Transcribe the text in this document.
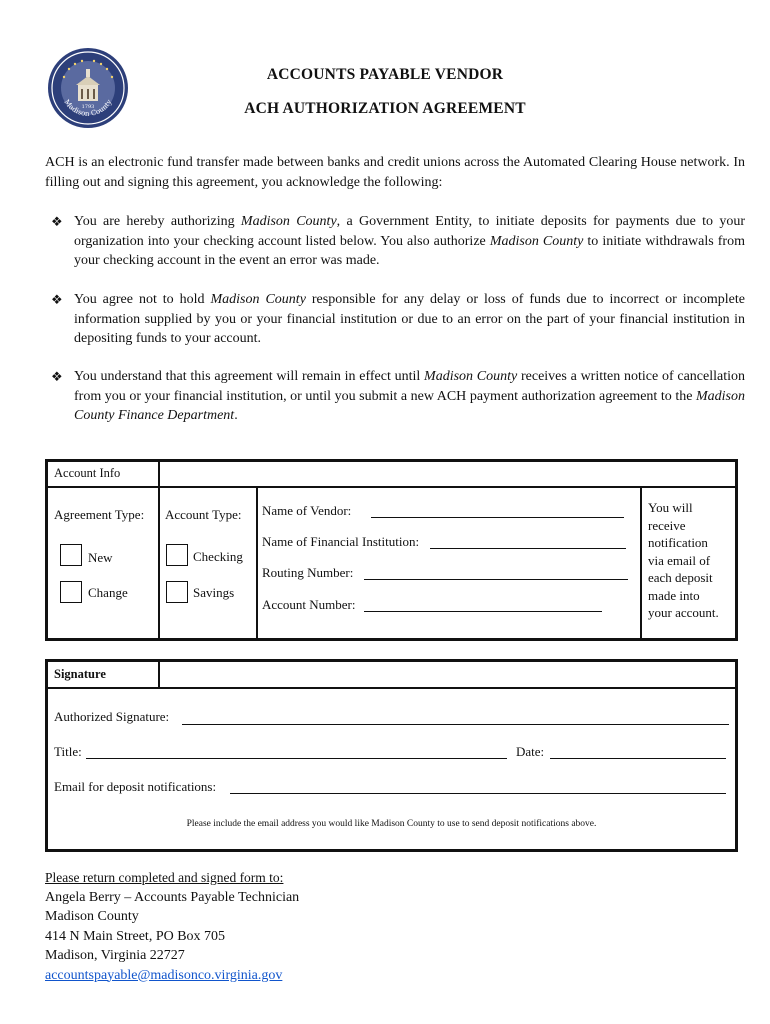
1793
Madison County
ACCOUNTS PAYABLE VENDOR
ACH AUTHORIZATION AGREEMENT
ACH is an electronic fund transfer made between banks and credit unions across the Automated Clearing House network. In filling out and signing this agreement, you acknowledge the following:
❖ You are hereby authorizing Madison County, a Government Entity, to initiate deposits for payments due to your organization into your checking account listed below. You also authorize Madison County to initiate withdrawals from your checking account in the event an error was made.
❖ You agree not to hold Madison County responsible for any delay or loss of funds due to incorrect or incomplete information supplied by you or your financial institution or due to an error on the part of your financial institution in depositing funds to your account.
❖ You understand that this agreement will remain in effect until Madison County receives a written notice of cancellation from you or your financial institution, or until you submit a new ACH payment authorization agreement to the Madison County Finance Department.
Account Info
Agreement Type:
New
Change
Account Type:
Checking
Savings
Name of Vendor:
Name of Financial Institution:
Routing Number:
Account Number:
You will
receive
notification
via email of
each deposit
made into
your account.
Signature
Authorized Signature:
Title:	Date:
Email for deposit notifications:
Please include the email address you would like Madison County to use to send deposit notifications above.
Please return completed and signed form to:
Angela Berry – Accounts Payable Technician
Madison County
414 N Main Street, PO Box 705
Madison, Virginia 22727
accountspayable@madisonco.virginia.gov
